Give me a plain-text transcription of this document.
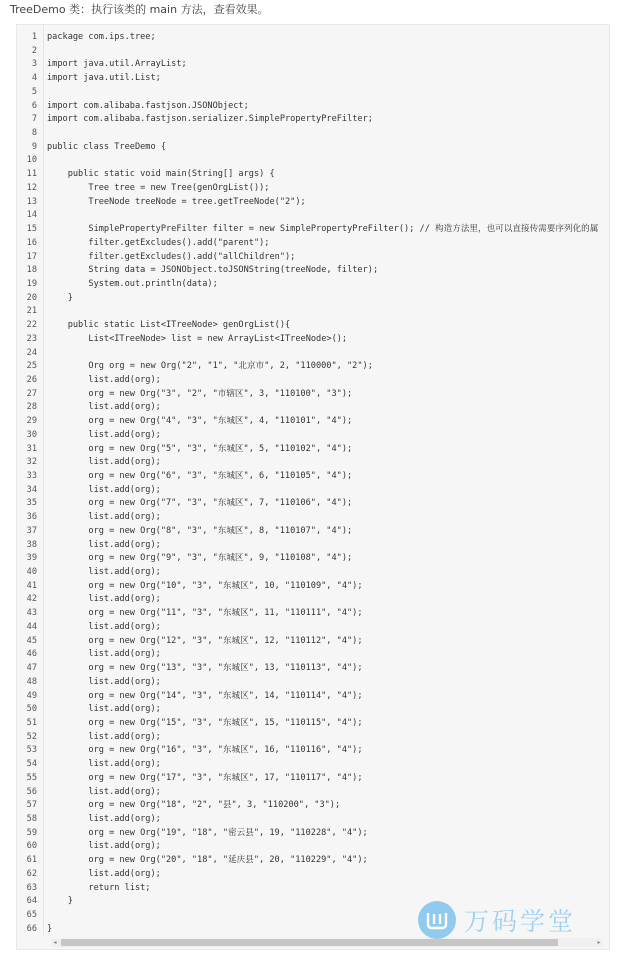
TreeDemo 类：执行该类的 main 方法，查看效果。
1	package com.ips.tree;
2
3	import java.util.ArrayList;
4	import java.util.List;
5
6	import com.alibaba.fastjson.JSONObject;
7	import com.alibaba.fastjson.serializer.SimplePropertyPreFilter;
8
9	public class TreeDemo {
10
11	public static void main(String[] args) {
12	Tree tree = new Tree(genOrgList());
13	TreeNode treeNode = tree.getTreeNode("2");
14
15	SimplePropertyPreFilter filter = new SimplePropertyPreFilter(); // 构造方法里，也可以直接传需要序列化的属
16	filter.getExcludes().add("parent");
17	filter.getExcludes().add("allChildren");
18	String data = JSONObject.toJSONString(treeNode, filter);
19	System.out.println(data);
20	}
21
22	public static List<ITreeNode> genOrgList(){
23	List<ITreeNode> list = new ArrayList<ITreeNode>();
24
25	Org org = new Org("2", "1", "北京市", 2, "110000", "2");
26	list.add(org);
27	org = new Org("3", "2", "市辖区", 3, "110100", "3");
28	list.add(org);
29	org = new Org("4", "3", "东城区", 4, "110101", "4");
30	list.add(org);
31	org = new Org("5", "3", "东城区", 5, "110102", "4");
32	list.add(org);
33	org = new Org("6", "3", "东城区", 6, "110105", "4");
34	list.add(org);
35	org = new Org("7", "3", "东城区", 7, "110106", "4");
36	list.add(org);
37	org = new Org("8", "3", "东城区", 8, "110107", "4");
38	list.add(org);
39	org = new Org("9", "3", "东城区", 9, "110108", "4");
40	list.add(org);
41	org = new Org("10", "3", "东城区", 10, "110109", "4");
42	list.add(org);
43	org = new Org("11", "3", "东城区", 11, "110111", "4");
44	list.add(org);
45	org = new Org("12", "3", "东城区", 12, "110112", "4");
46	list.add(org);
47	org = new Org("13", "3", "东城区", 13, "110113", "4");
48	list.add(org);
49	org = new Org("14", "3", "东城区", 14, "110114", "4");
50	list.add(org);
51	org = new Org("15", "3", "东城区", 15, "110115", "4");
52	list.add(org);
53	org = new Org("16", "3", "东城区", 16, "110116", "4");
54	list.add(org);
55	org = new Org("17", "3", "东城区", 17, "110117", "4");
56	list.add(org);
57	org = new Org("18", "2", "县", 3, "110200", "3");
58	list.add(org);
59	org = new Org("19", "18", "密云县", 19, "110228", "4");
60	list.add(org);
61	org = new Org("20", "18", "延庆县", 20, "110229", "4");
62	list.add(org);
63	return list;
64	}
65
66	}
◂	▸
万码学堂
